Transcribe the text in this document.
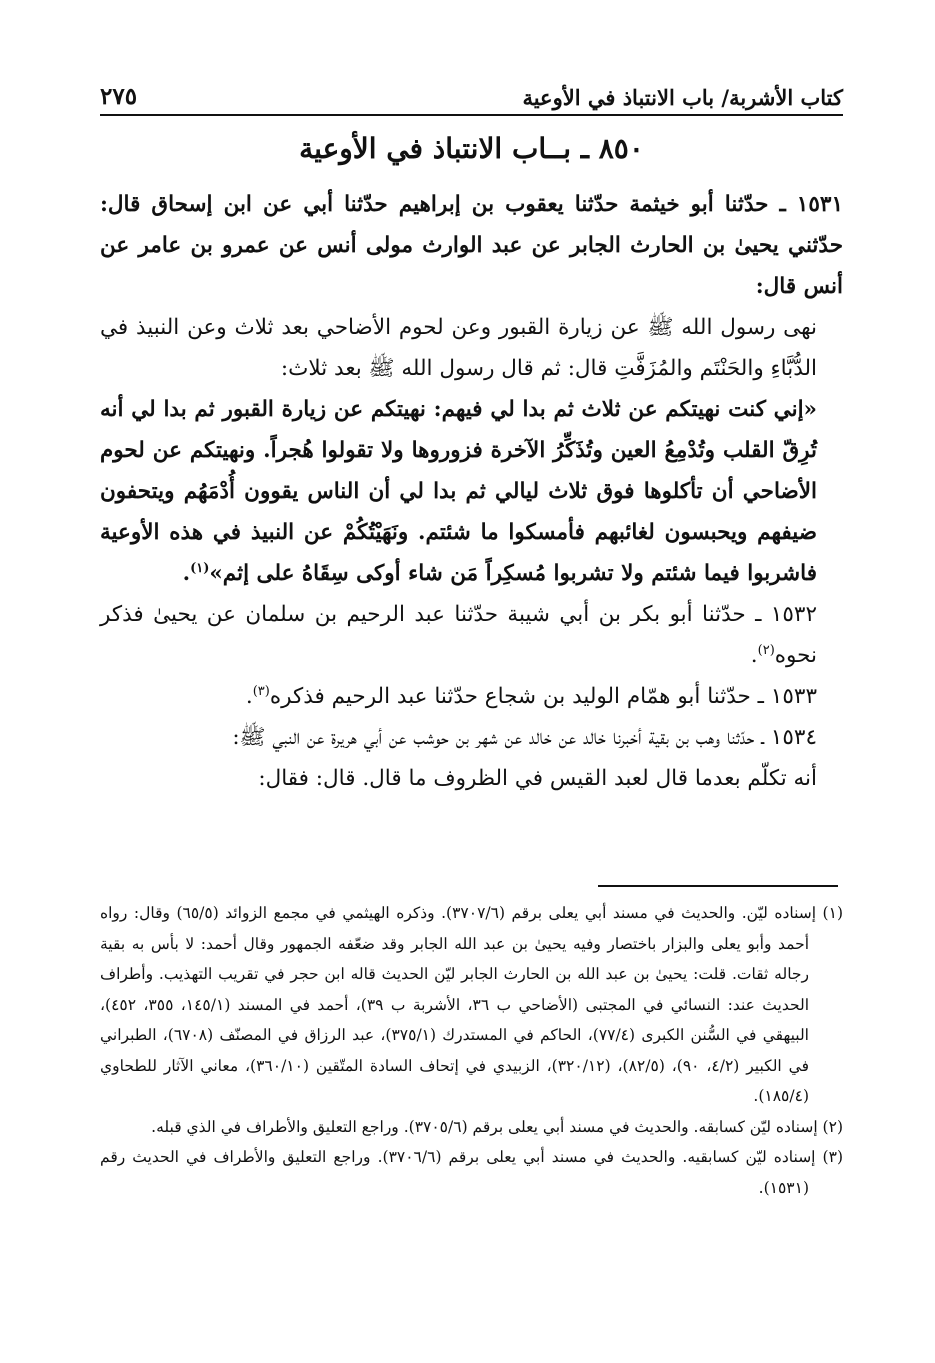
كتاب الأشربة/ باب الانتباذ في الأوعية
٢٧٥
٨٥٠ ـ بــاب الانتباذ في الأوعية

١٥٣١ ـ حدّثنا أبو خيثمة حدّثنا يعقوب بن إبراهيم حدّثنا أبي عن ابن إسحاق قال: حدّثني يحيىٰ بن الحارث الجابر عن عبد الوارث مولى أنس عن عمرو بن عامر عن أنس قال:

نهى رسول الله ﷺ عن زيارة القبور وعن لحوم الأضاحي بعد ثلاث وعن النبيذ في الدُّبَّاءِ والحَنْتَم والمُزَفَّتِ قال: ثم قال رسول الله ﷺ بعد ثلاث:

«إني كنت نهيتكم عن ثلاث ثم بدا لي فيهم: نهيتكم عن زيارة القبور ثم بدا لي أنه تُرِقّ القلب وتُدْمِعُ العين وتُذَكِّرُ الآخرة فزوروها ولا تقولوا هُجراً. ونهيتكم عن لحوم الأضاحي أن تأكلوها فوق ثلاث ليالي ثم بدا لي أن الناس يقوون أُدْمَهُم ويتحفون ضيفهم ويحبسون لغائبهم فأمسكوا ما شئتم. ونَهَيْتُكُمْ عن النبيذ في هذه الأوعية فاشربوا فيما شئتم ولا تشربوا مُسكِراً مَن شاء أوكى سِقَاهُ على إثم»$^{(١)}$.

١٥٣٢ ـ حدّثنا أبو بكر بن أبي شيبة حدّثنا عبد الرحيم بن سلمان عن يحيىٰ فذكر نحوه$^{(٢)}$.

١٥٣٣ ـ حدّثنا أبو همّام الوليد بن شجاع حدّثنا عبد الرحيم فذكره$^{(٣)}$.

١٥٣٤ ـ حدّثنا وهب بن بقية أخبرنا خالد عن خالد عن شهر بن حوشب عن أبي هريرة عن النبي ﷺ:

أنه تكلّم بعدما قال لعبد القيس في الظروف ما قال. قال: فقال:

(١) إسناده ليّن. والحديث في مسند أبي يعلى برقم (٣٧٠٧/٦). وذكره الهيثمي في مجمع الزوائد (٦٥/٥) وقال: رواه أحمد وأبو يعلى والبزار باختصار وفيه يحيىٰ بن عبد الله الجابر وقد ضعّفه الجمهور وقال أحمد: لا بأس به بقية رجاله ثقات. قلت: يحيىٰ بن عبد الله بن الحارث الجابر ليّن الحديث قاله ابن حجر في تقريب التهذيب. وأطراف الحديث عند: النسائي في المجتبى (الأضاحي ب ٣٦، الأشربة ب ٣٩)، أحمد في المسند (١٤٥/١، ٣٥٥، ٤٥٢)، البيهقي في السُّنن الكبرى (٧٧/٤)، الحاكم في المستدرك (٣٧٥/١)، عبد الرزاق في المصنّف (٦٧٠٨)، الطبراني في الكبير (٤/٢، ٩٠)، (٨٢/٥)، (٣٢٠/١٢)، الزبيدي في إتحاف السادة المتّقين (٣٦٠/١٠)، معاني الآثار للطحاوي (١٨٥/٤).

(٢) إسناده ليّن كسابقه. والحديث في مسند أبي يعلى برقم (٣٧٠٥/٦). وراجع التعليق والأطراف في الذي قبله.

(٣) إسناده ليّن كسابقيه. والحديث في مسند أبي يعلى برقم (٣٧٠٦/٦). وراجع التعليق والأطراف في الحديث رقم (١٥٣١).
